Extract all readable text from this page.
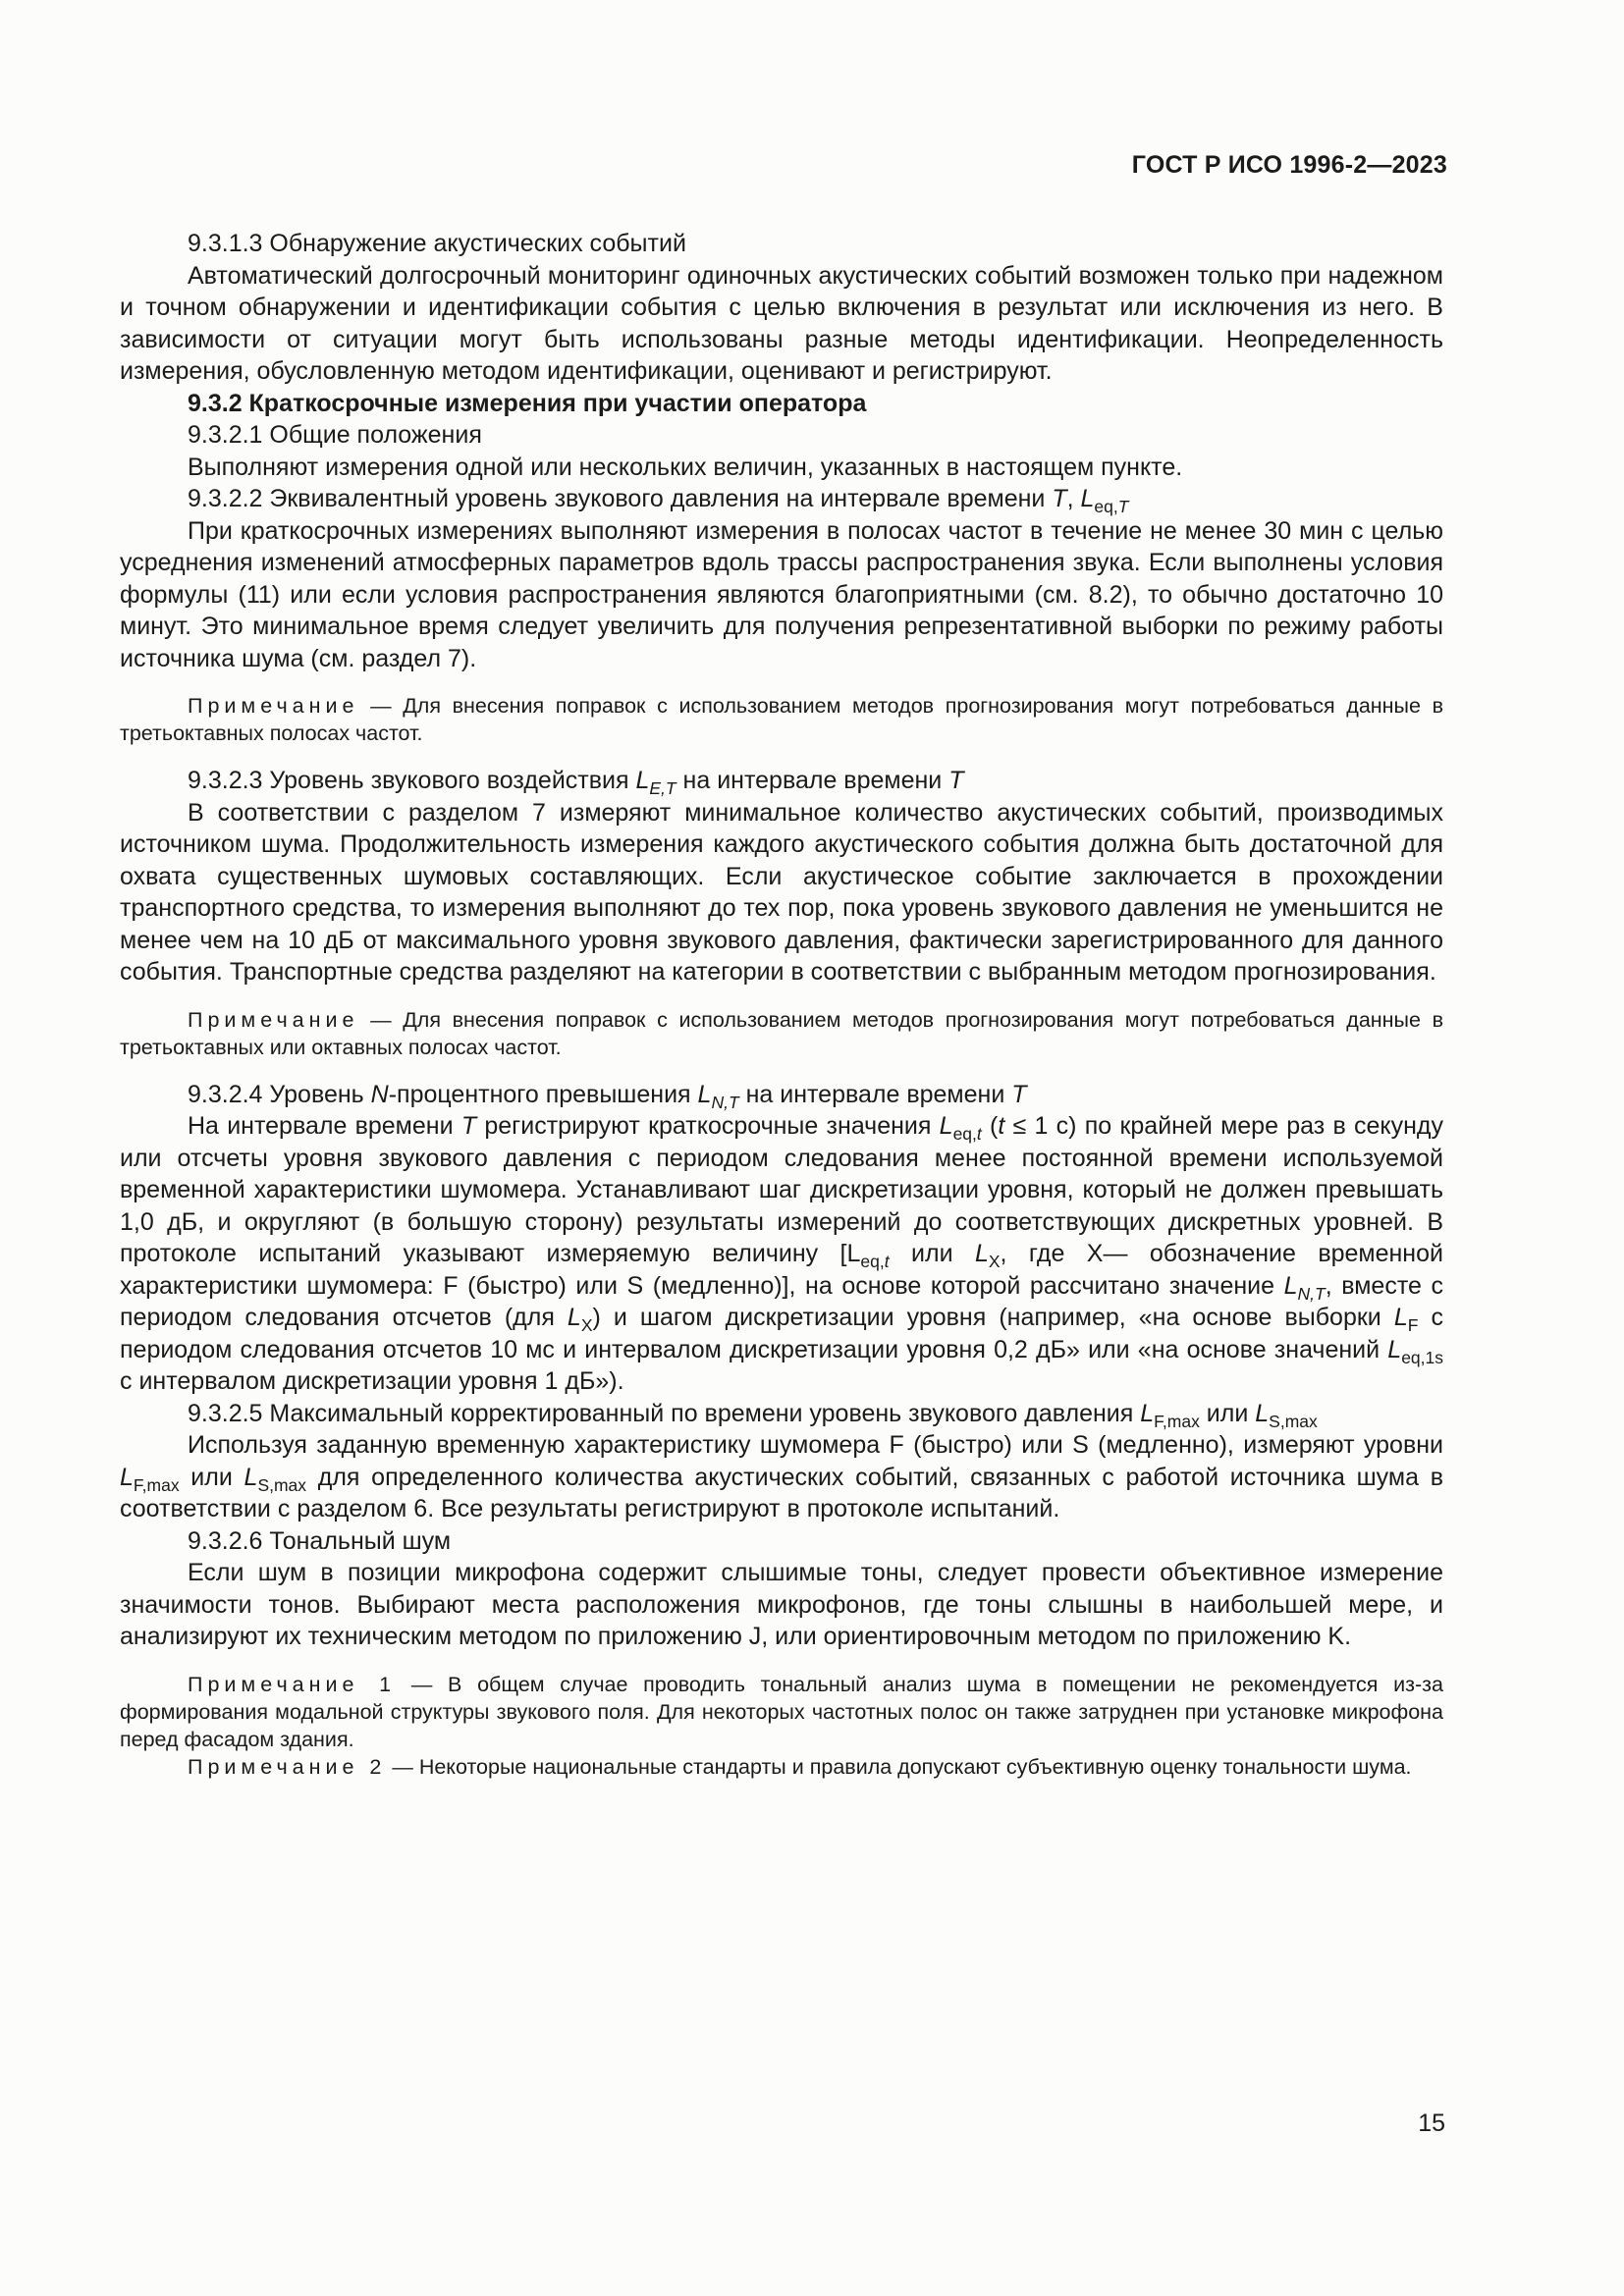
ГОСТ Р ИСО 1996-2—2023

9.3.1.3 Обнаружение акустических событий

Автоматический долгосрочный мониторинг одиночных акустических событий возможен только при надежном и точном обнаружении и идентификации события с целью включения в результат или исключения из него. В зависимости от ситуации могут быть использованы разные методы идентификации. Неопределенность измерения, обусловленную методом идентификации, оценивают и регистрируют.

9.3.2 Краткосрочные измерения при участии оператора

9.3.2.1 Общие положения

Выполняют измерения одной или нескольких величин, указанных в настоящем пункте.

9.3.2.2 Эквивалентный уровень звукового давления на интервале времени T, $L_{eq,T}$

При краткосрочных измерениях выполняют измерения в полосах частот в течение не менее 30 мин с целью усреднения изменений атмосферных параметров вдоль трассы распространения звука. Если выполнены условия формулы (11) или если условия распространения являются благоприятными (см. 8.2), то обычно достаточно 10 минут. Это минимальное время следует увеличить для получения репрезентативной выборки по режиму работы источника шума (см. раздел 7).

Примечание — Для внесения поправок с использованием методов прогнозирования могут потребоваться данные в третьоктавных полосах частот.

9.3.2.3 Уровень звукового воздействия $L_{E,T}$ на интервале времени T

В соответствии с разделом 7 измеряют минимальное количество акустических событий, производимых источником шума. Продолжительность измерения каждого акустического события должна быть достаточной для охвата существенных шумовых составляющих. Если акустическое событие заключается в прохождении транспортного средства, то измерения выполняют до тех пор, пока уровень звукового давления не уменьшится не менее чем на 10 дБ от максимального уровня звукового давления, фактически зарегистрированного для данного события. Транспортные средства разделяют на категории в соответствии с выбранным методом прогнозирования.

Примечание — Для внесения поправок с использованием методов прогнозирования могут потребоваться данные в третьоктавных или октавных полосах частот.

9.3.2.4 Уровень N-процентного превышения $L_{N,T}$ на интервале времени T

На интервале времени T регистрируют краткосрочные значения $L_{eq,t}$ (t ≤ 1 с) по крайней мере раз в секунду или отсчеты уровня звукового давления с периодом следования менее постоянной времени используемой временной характеристики шумомера. Устанавливают шаг дискретизации уровня, который не должен превышать 1,0 дБ, и округляют (в большую сторону) результаты измерений до соответствующих дискретных уровней. В протоколе испытаний указывают измеряемую величину [$L_{eq,t}$ или $L_X$, где X— обозначение временной характеристики шумомера: F (быстро) или S (медленно)], на основе которой рассчитано значение $L_{N,T}$, вместе с периодом следования отсчетов (для $L_X$) и шагом дискретизации уровня (например, «на основе выборки $L_F$ с периодом следования отсчетов 10 мс и интервалом дискретизации уровня 0,2 дБ» или «на основе значений $L_{eq,1s}$ с интервалом дискретизации уровня 1 дБ»).

9.3.2.5 Максимальный корректированный по времени уровень звукового давления $L_{F,max}$ или $L_{S,max}$

Используя заданную временную характеристику шумомера F (быстро) или S (медленно), измеряют уровни $L_{F,max}$ или $L_{S,max}$ для определенного количества акустических событий, связанных с работой источника шума в соответствии с разделом 6. Все результаты регистрируют в протоколе испытаний.

9.3.2.6 Тональный шум

Если шум в позиции микрофона содержит слышимые тоны, следует провести объективное измерение значимости тонов. Выбирают места расположения микрофонов, где тоны слышны в наибольшей мере, и анализируют их техническим методом по приложению J, или ориентировочным методом по приложению K.

Примечание 1 — В общем случае проводить тональный анализ шума в помещении не рекомендуется из-за формирования модальной структуры звукового поля. Для некоторых частотных полос он также затруднен при установке микрофона перед фасадом здания.

Примечание 2 — Некоторые национальные стандарты и правила допускают субъективную оценку тональности шума.

15
